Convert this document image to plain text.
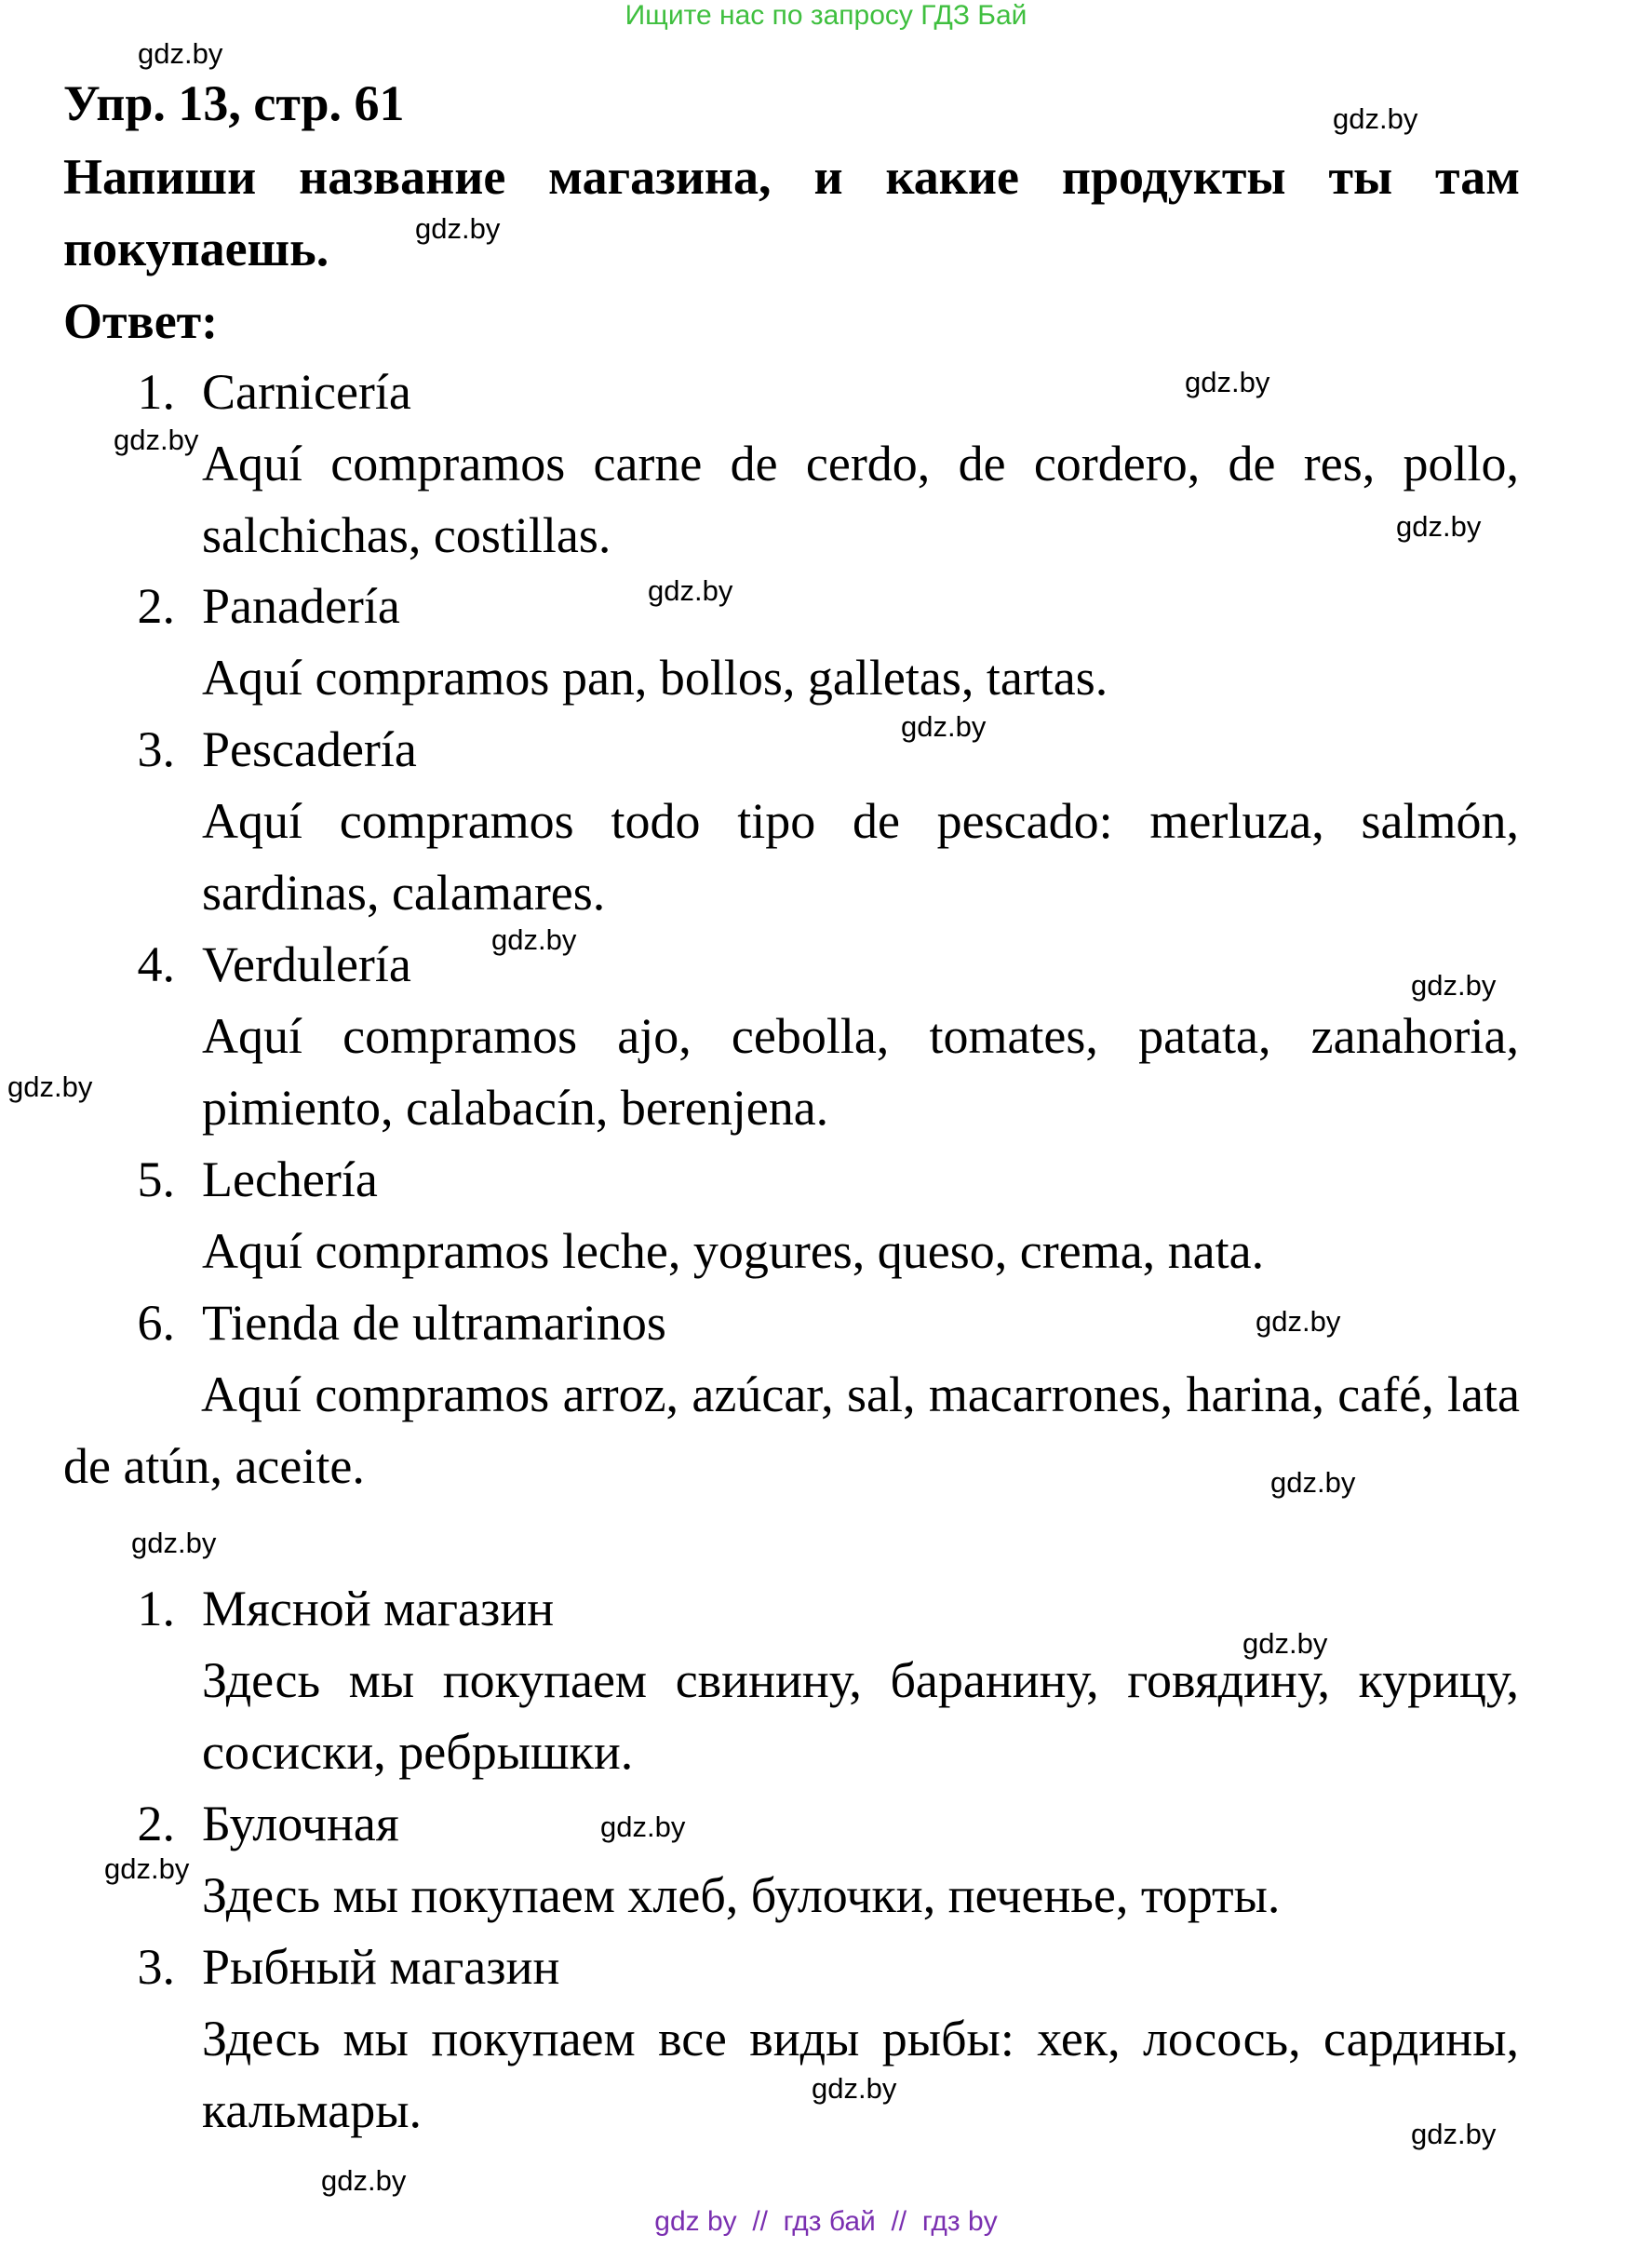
Ищите нас по запросу ГДЗ Бай
Упр. 13, стр. 61
Напиши название магазина, и какие продукты ты там покупаешь.
Ответ:
1. Carnicería
Aquí compramos carne de cerdo, de cordero, de res, pollo, salchichas, costillas.
2. Panadería
Aquí compramos pan, bollos, galletas, tartas.
3. Pescadería
Aquí compramos todo tipo de pescado: merluza, salmón, sardinas, calamares.
4. Verdulería
Aquí compramos ajo, cebolla, tomates, patata, zanahoria, pimiento, calabacín, berenjena.
5. Lechería
Aquí compramos leche, yogures, queso, crema, nata.
6. Tienda de ultramarinos
Aquí compramos arroz, azúcar, sal, macarrones, harina, café, lata de atún, aceite.
1. Мясной магазин
Здесь мы покупаем свинину, баранину, говядину, курицу, сосиски, ребрышки.
2. Булочная
Здесь мы покупаем хлеб, булочки, печенье, торты.
3. Рыбный магазин
Здесь мы покупаем все виды рыбы: хек, лосось, сардины, кальмары.
gdz.by
gdz.by
gdz.by
gdz.by
gdz.by
gdz.by
gdz.by
gdz.by
gdz.by
gdz.by
gdz.by
gdz.by
gdz.by
gdz.by
gdz.by
gdz.by
gdz.by
gdz.by
gdz.by
gdz.by
gdz by  //  гдз бай  //  гдз by
